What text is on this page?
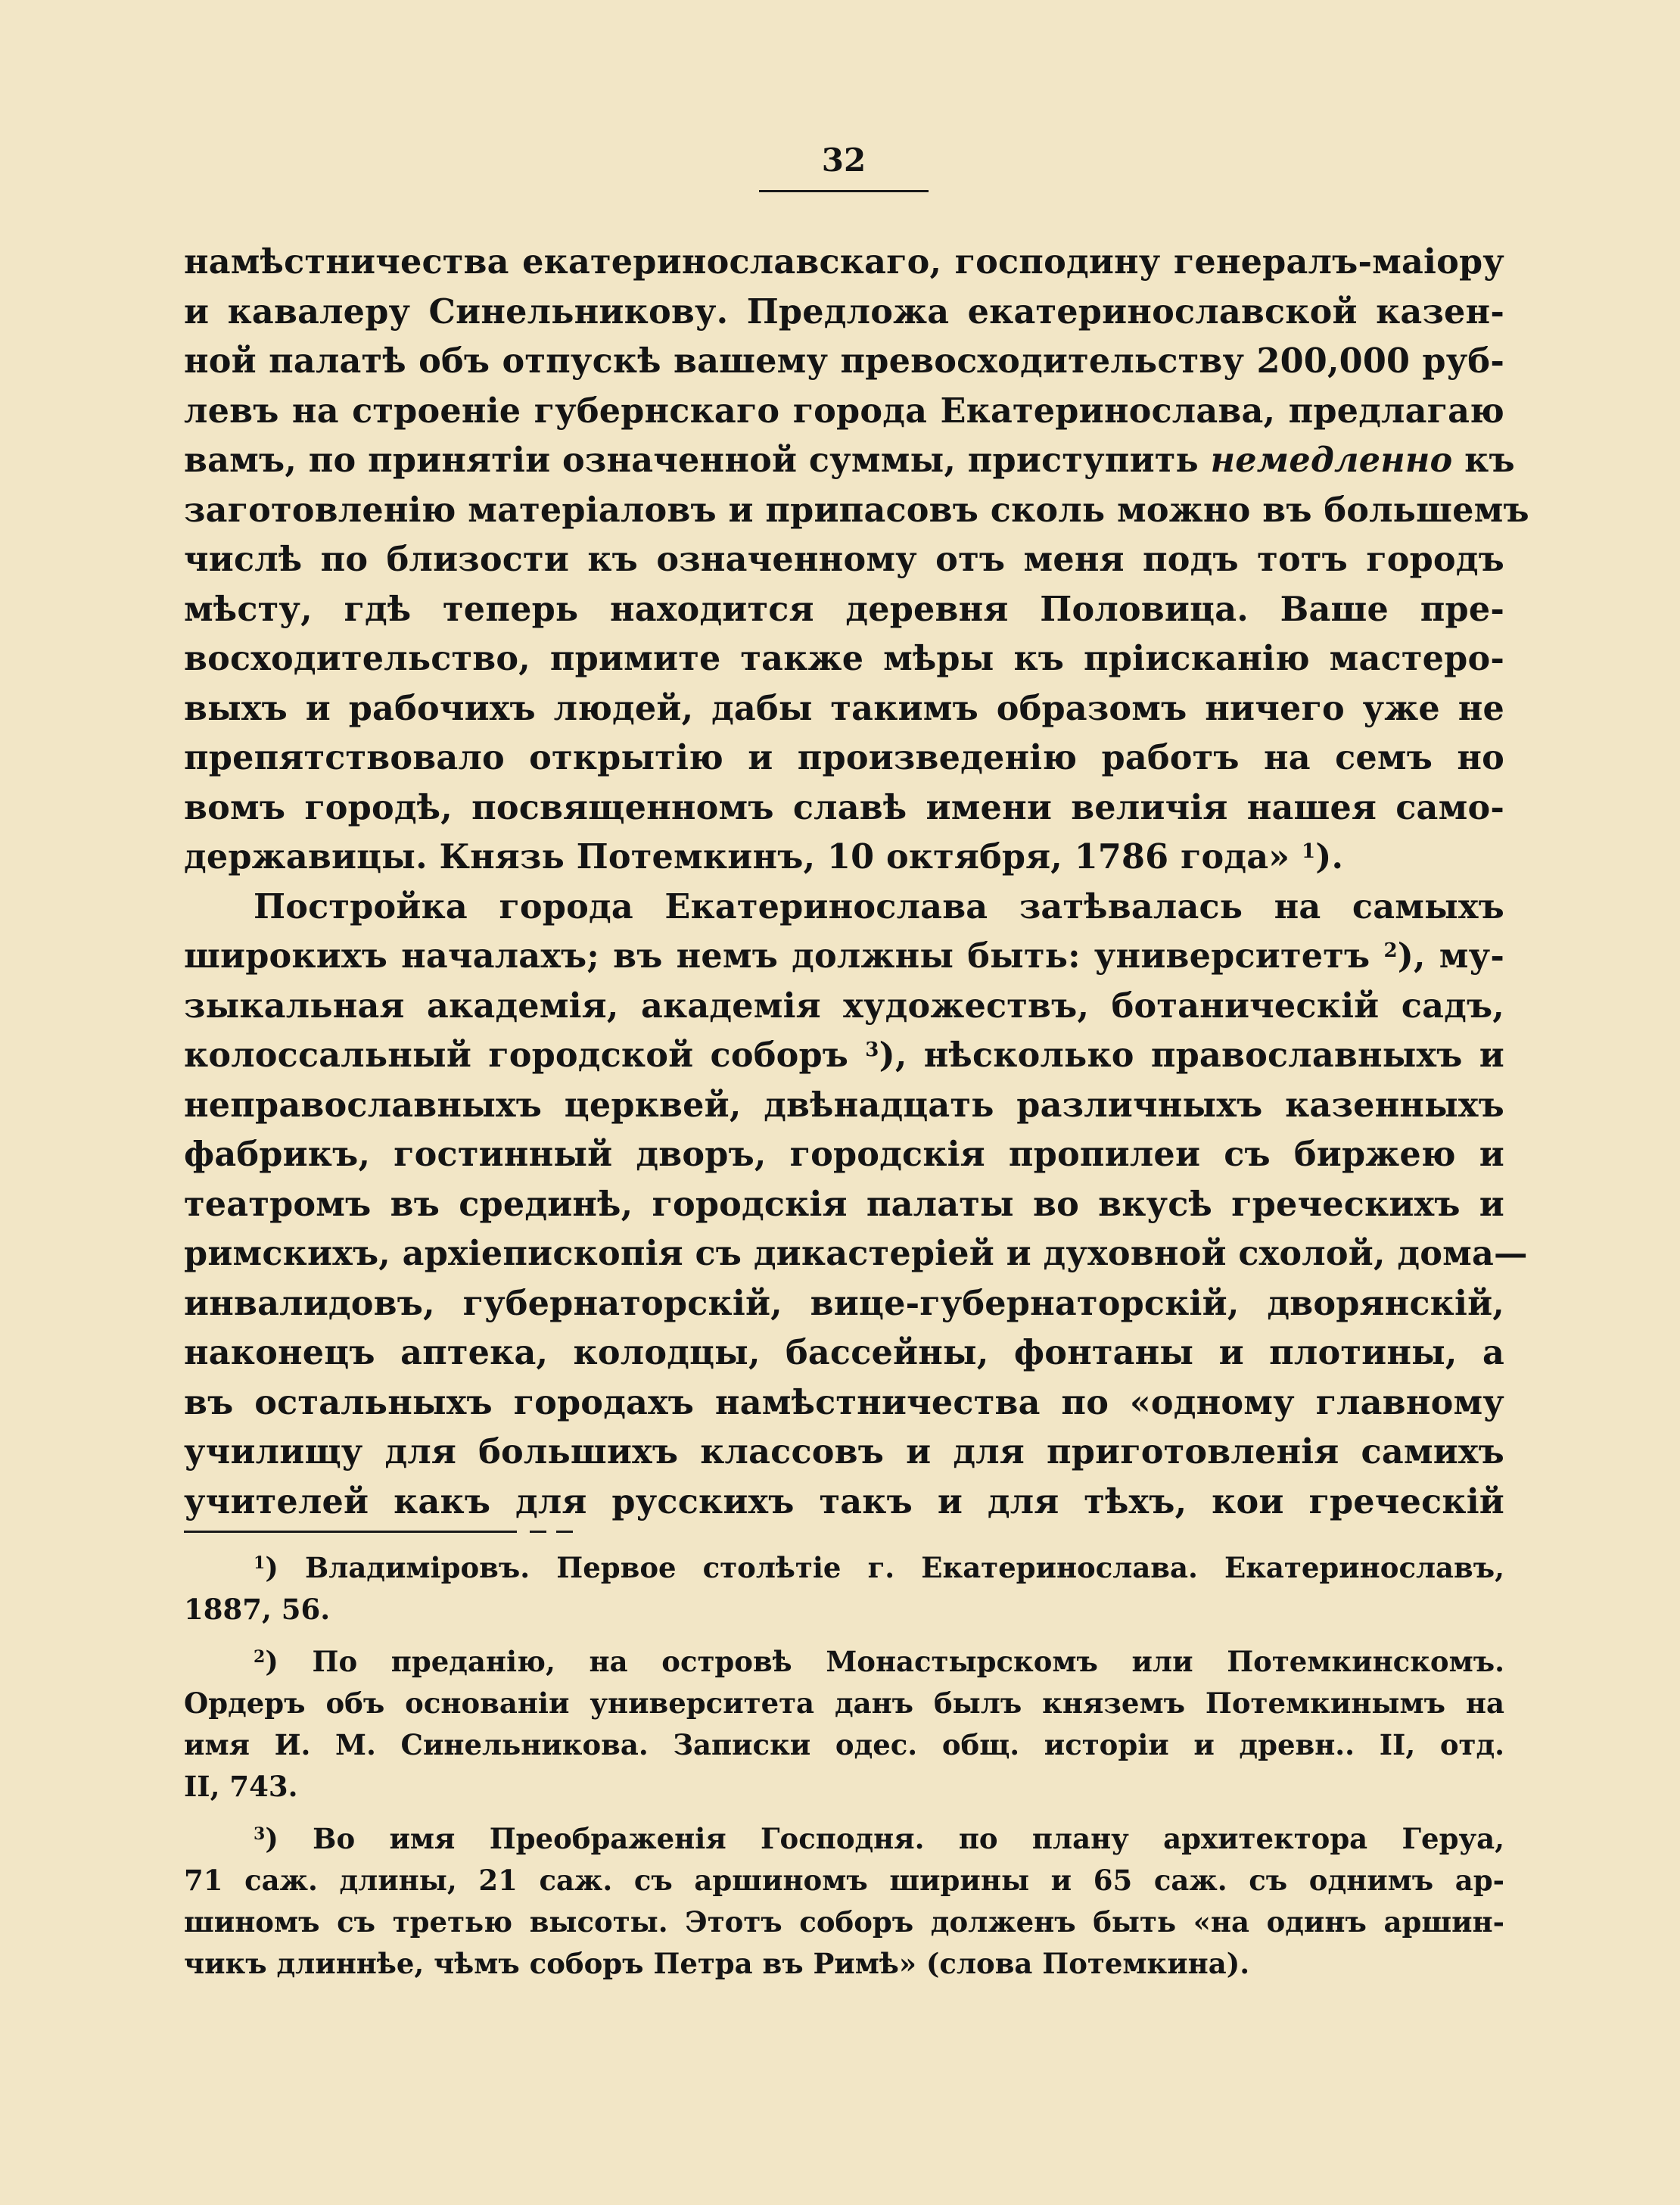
32
намѣстничества екатеринославскаго, господину генералъ-маіору
и кавалеру Синельникову. Предложа екатеринославской казен-
ной палатѣ объ отпускѣ вашему превосходительству 200,000 руб-
левъ на строеніе губернскаго города Екатеринослава, предлагаю
вамъ, по принятіи означенной суммы, приступить немедленно къ
заготовленію матеріаловъ и припасовъ сколь можно въ большемъ
числѣ по близости къ означенному отъ меня подъ тотъ городъ
мѣсту, гдѣ теперь находится деревня Половица. Ваше пре-
восходительство, примите также мѣры къ пріисканію мастеро-
выхъ и рабочихъ людей, дабы такимъ образомъ ничего уже не
препятствовало открытію и произведенію работъ на семъ но
вомъ городѣ, посвященномъ славѣ имени величія нашея само-
державицы. Князь Потемкинъ, 10 октября, 1786 года» $^1$).
Постройка города Екатеринослава затѣвалась на самыхъ
широкихъ началахъ; въ немъ должны быть: университетъ $^2$), му-
зыкальная академія, академія художествъ, ботаническій садъ,
колоссальный городской соборъ $^3$), нѣсколько православныхъ и
неправославныхъ церквей, двѣнадцать различныхъ казенныхъ
фабрикъ, гостинный дворъ, городскія пропилеи съ биржею и
театромъ въ срединѣ, городскія палаты во вкусѣ греческихъ и
римскихъ, архіепископія съ дикастеріей и духовной схолой, дома—
инвалидовъ, губернаторскій, вице-губернаторскій, дворянскій,
наконецъ аптека, колодцы, бассейны, фонтаны и плотины, а
въ остальныхъ городахъ намѣстничества по «одному главному
училищу для большихъ классовъ и для приготовленія самихъ
учителей какъ для русскихъ такъ и для тѣхъ, кои греческій
$^1$) Владиміровъ. Первое столѣтіе г. Екатеринослава. Екатеринославъ,
1887, 56.
$^2$) По преданію, на островѣ Монастырскомъ или Потемкинскомъ.
Ордеръ объ основаніи университета данъ былъ княземъ Потемкинымъ на
имя И. М. Синельникова. Записки одес. общ. исторіи и древн.. II, отд.
II, 743.
$^3$) Во имя Преображенія Господня. по плану архитектора Геруа,
71 саж. длины, 21 саж. съ аршиномъ ширины и 65 саж. съ однимъ ар-
шиномъ съ третью высоты. Этотъ соборъ долженъ быть «на одинъ аршин-
чикъ длиннѣе, чѣмъ соборъ Петра въ Римѣ» (слова Потемкина).
